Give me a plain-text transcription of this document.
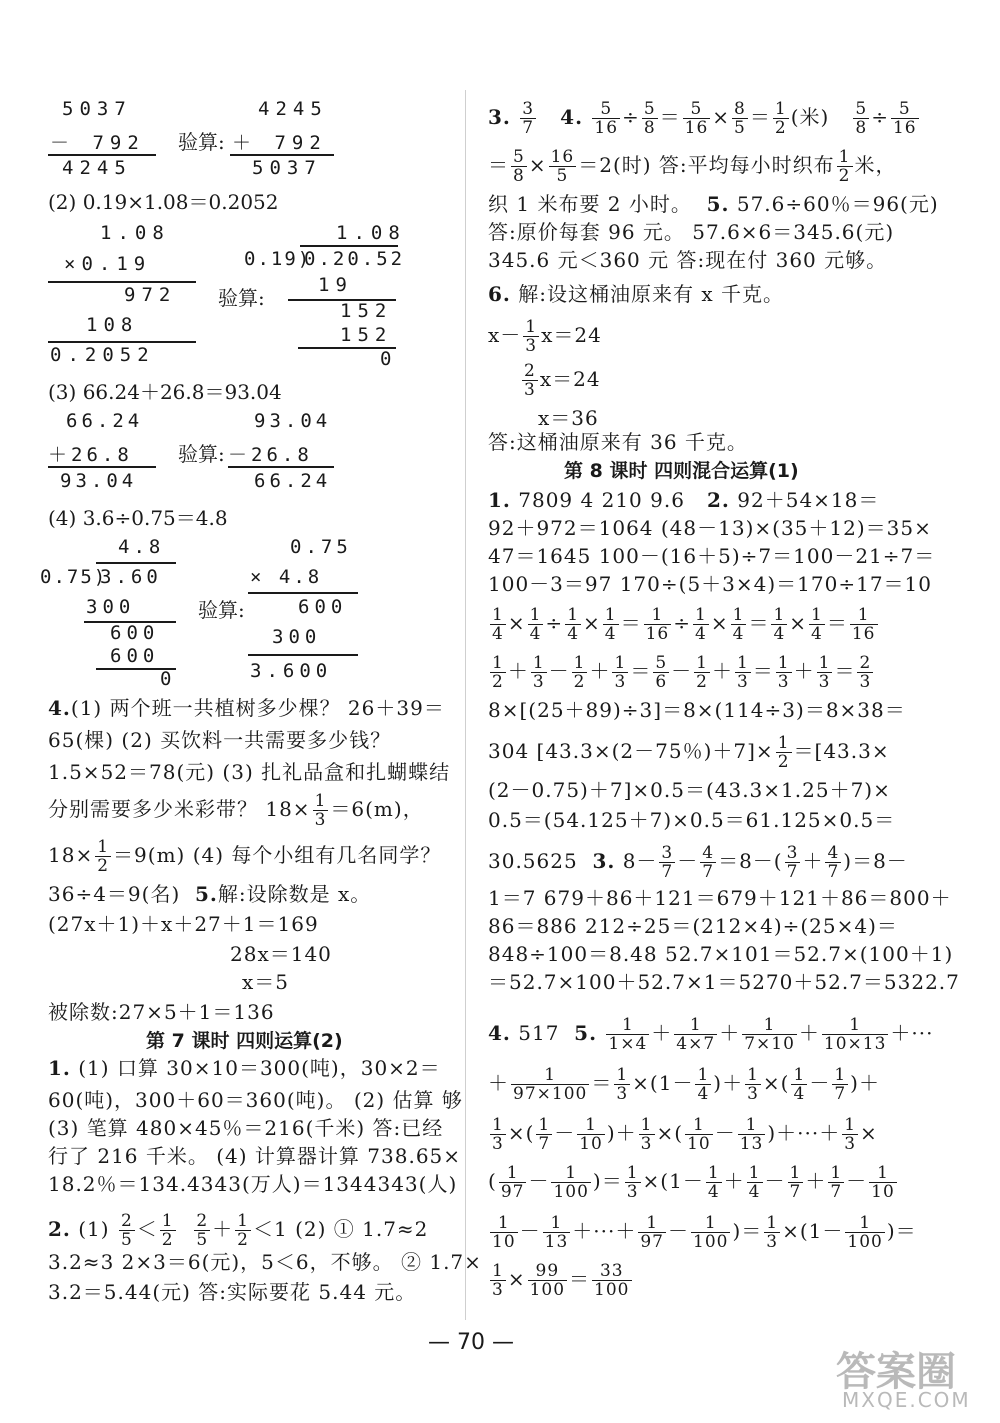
5037
－ 792
4245
验算:
4245
＋ 792
5037
(2) 0.19×1.08＝0.2052
1.08
×0.19
972
108
0.2052
验算:
1.08
0.19)
0.20.52
19
152
152
0
(3) 66.24＋26.8＝93.04
66.24
＋26.8
93.04
验算:
93.04
－26.8
66.24
(4) 3.6÷0.75＝4.8
4.8
0.75)
3.60
300
600
600
0
验算:
0.75
× 4.8
600
300
3.600
4.(1) 两个班一共植树多少棵？ 26＋39＝
65(棵) (2) 买饮料一共需要多少钱？
1.5×52＝78(元) (3) 扎礼品盒和扎蝴蝶结
分别需要多少米彩带？ $18\times \frac{1}{3} =6(m)$，
$18\times \frac{1}{2} =9(m)$ (4) 每个小组有几名同学？
36÷4＝9(名) 5.解:设除数是 x。
(27x＋1)＋x＋27＋1＝169
28x＝140
x＝5
被除数:27×5＋1＝136
第 7 课时 四则运算(2)
1. (1) 口算 30×10＝300(吨)，30×2＝
60(吨)，300＋60＝360(吨)。 (2) 估算 够
(3) 笔算 480×45％＝216(千米) 答:已经
行了 216 千米。 (4) 计算器计算 738.65×
18.2％＝134.4343(万人)＝1344343(人)
2. $(1) \frac{2}{5} < \frac{1}{2}$
$\frac{2}{5} + \frac{1}{2} <1$ (2) ① 1.7≈2
3.2≈3 2×3＝6(元)，5＜6，不够。 ② 1.7×
3.2＝5.44(元) 答:实际要花 5.44 元。
3. $\frac{3}{7} 4$. $\frac{5}{16} \div \frac{5}{8} = \frac{5}{16} \times \frac{8}{5} = \frac{1}{2}$ (米) $\frac{5}{8} \div \frac{5}{16}$
＝ $\frac{5}{8} \times \frac{16}{5} =2$(时) 答:平均每小时织布 $\frac{1}{2}$ 米，
织 1 米布要 2 小时。 5. 57.6÷60％＝96(元)
答:原价每套 96 元。 57.6×6＝345.6(元)
345.6 元＜360 元 答:现在付 360 元够。
6. 解:设这桶油原来有 x 千克。
$x- \frac{1}{3} x=24$
$\frac{2}{3} x=24$
x＝36
答:这桶油原来有 36 千克。
第 8 课时 四则混合运算(1)
1. 7809 4 210 9.6 2. 92＋54×18＝
92＋972＝1064 (48－13)×(35＋12)＝35×
47＝1645 100－(16＋5)÷7＝100－21÷7＝
100－3＝97 170÷(5＋3×4)＝170÷17＝10
$\frac{1}{4} \times \frac{1}{4} \div \frac{1}{4} \times \frac{1}{4} = \frac{1}{16} \div \frac{1}{4} \times \frac{1}{4} = \frac{1}{4} \times \frac{1}{4} = \frac{1}{16}$
$\frac{1}{2} + \frac{1}{3} - \frac{1}{2} + \frac{1}{3} = \frac{5}{6} - \frac{1}{2} + \frac{1}{3} = \frac{1}{3} + \frac{1}{3} = \frac{2}{3}$
8×[(25＋89)÷3]＝8×(114÷3)＝8×38＝
304 [43.3×(2－75％)$+7]\times \frac{1}{2} =[43.3\times$
(2－0.75)＋7]×0.5＝(43.3×1.25＋7)×
0.5＝(54.125＋7)×0.5＝61.125×0.5＝
30.5625 3. $8- \frac{3}{7} - \frac{4}{7} =8-( \frac{3}{7} + \frac{4}{7} )=8-$
1＝7 679＋86＋121＝679＋121＋86＝800＋
86＝886 212÷25＝(212×4)÷(25×4)＝
848÷100＝8.48 52.7×101＝52.7×(100＋1)
＝52.7×100＋52.7×1＝5270＋52.7＝5322.7
4. 517 5. $\frac{1}{1\times 4} + \frac{1}{4\times 7} + \frac{1}{7\times 10} + \frac{1}{10\times 13}$ ＋···
＋ $\frac{1}{97\times 100} = \frac{1}{3} \times(1- \frac{1}{4}$ )＋ $\frac{1}{3}$ ×( $\frac{1}{4} - \frac{1}{7}$ )＋
$\frac{1}{3}$ ×( $\frac{1}{7} - \frac{1}{10}$ )＋ $\frac{1}{3}$ ×( $\frac{1}{10} - \frac{1}{13}$ )＋···＋ $\frac{1}{3}$ ×
( $\frac{1}{97} - \frac{1}{100}$ )＝ $\frac{1}{3} \times(1- \frac{1}{4} + \frac{1}{4} - \frac{1}{7} + \frac{1}{7} - \frac{1}{10}$
$\frac{1}{10} - \frac{1}{13}$ ＋···＋ $\frac{1}{97} - \frac{1}{100}$ )＝ $\frac{1}{3} \times(1- \frac{1}{100}$ )＝
$\frac{1}{3} \times \frac{99}{100} = \frac{33}{100}$
— 70 —
答案圈
MXQE.COM
